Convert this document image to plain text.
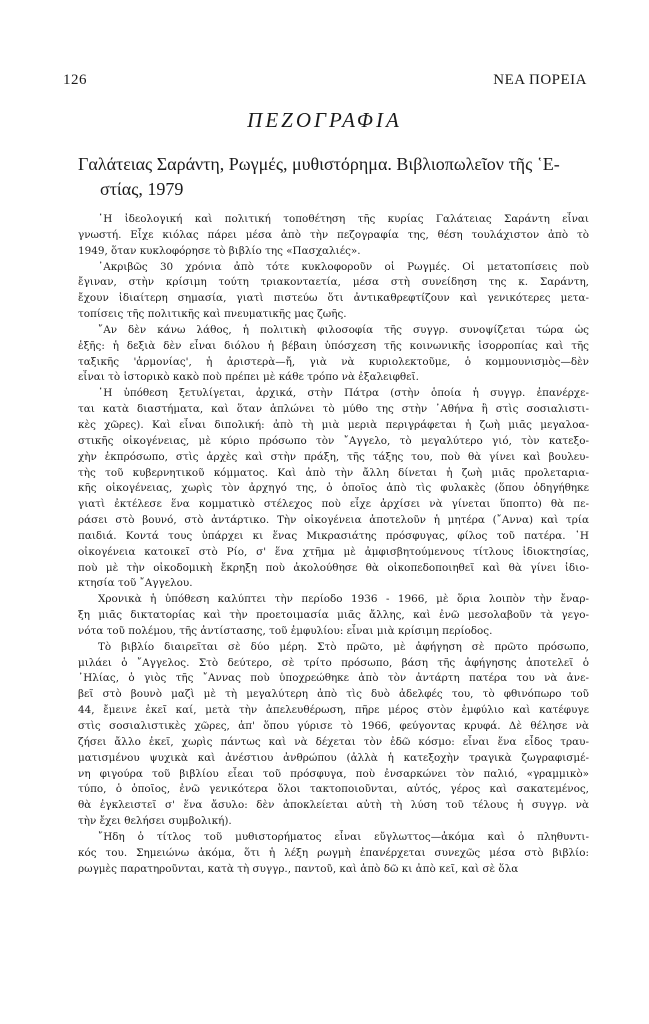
126	ΝΕΑ ΠΟΡΕΙΑ
ΠΕΖΟΓΡΑΦΙΑ

Γαλάτειας Σαράντη, Ρωγμές, μυθιστόρημα. Βιβλιοπωλεῖον τῆς ῾Ε-

στίας, 1979

῾Η ἰδεολογική καὶ πολιτική τοποθέτηση τῆς κυρίας Γαλάτειας Σαράντη εἶναι
γνωστή. Εἶχε κιόλας πάρει μέσα ἀπὸ τὴν πεζογραφία της, θέση τουλάχιστον ἀπὸ τὸ
1949, ὅταν κυκλοφόρησε τὸ βιβλίο της «Πασχαλιές».

᾿Ακριβῶς 30 χρόνια ἀπὸ τότε κυκλοφοροῦν οἱ Ρωγμές. Οἱ μετατοπίσεις ποὺ
ἔγιναν, στὴν κρίσιμη τούτη τριακονταετία, μέσα στὴ συνείδηση της κ. Σαράντη,
ἔχουν ἰδιαίτερη σημασία, γιατὶ πιστεύω ὅτι ἀντικαθρεφτίζουν καὶ γενικότερες μετα-
τοπίσεις τῆς πολιτικῆς καὶ πνευματικῆς μας ζωῆς.

῎Αν δὲν κάνω λάθος, ἡ πολιτικὴ φιλοσοφία τῆς συγγρ. συνοψίζεται τώρα ὡς
ἑξῆς: ἡ δεξιὰ δὲν εἶναι διόλου ἡ βέβαιη ὑπόσχεση τῆς κοινωνικῆς ἰσορροπίας καὶ τῆς
ταξικῆς 'ἁρμονίας', ἡ ἀριστερὰ—ἤ, γιὰ νὰ κυριολεκτοῦμε, ὁ κομμουνισμὸς—δὲν
εἶναι τὸ ἱστορικὸ κακὸ ποὺ πρέπει μὲ κάθε τρόπο νὰ ἐξαλειφθεῖ.

῾Η ὑπόθεση ξετυλίγεται, ἀρχικά, στὴν Πάτρα (στὴν ὁποία ἡ συγγρ. ἐπανέρχε-
ται κατὰ διαστήματα, καὶ ὅταν ἁπλώνει τὸ μύθο της στὴν ᾿Αθήνα ἢ στὶς σοσιαλιστι-
κὲς χῶρες). Καὶ εἶναι διπολική: ἀπὸ τὴ μιὰ μεριὰ περιγράφεται ἡ ζωὴ μιᾶς μεγαλοα-
στικῆς οἰκογένειας, μὲ κύριο πρόσωπο τὸν ῎Αγγελο, τὸ μεγαλύτερο γιό, τὸν κατεξο-
χὴν ἐκπρόσωπο, στὶς ἀρχὲς καὶ στὴν πράξη, τῆς τάξης του, ποὺ θὰ γίνει καὶ βουλευ-
τὴς τοῦ κυβερνητικοῦ κόμματος. Καὶ ἀπὸ τὴν ἄλλη δίνεται ἡ ζωὴ μιᾶς προλεταρια-
κῆς οἰκογένειας, χωρὶς τὸν ἀρχηγό της, ὁ ὁποῖος ἀπὸ τὶς φυλακὲς (ὅπου ὁδηγήθηκε
γιατὶ ἐκτέλεσε ἕνα κομματικὸ στέλεχος ποὺ εἶχε ἀρχίσει νὰ γίνεται ὕποπτο) θὰ πε-
ράσει στὸ βουνό, στὸ ἀντάρτικο. Τὴν οἰκογένεια ἀποτελοῦν ἡ μητέρα (῎Αννα) καὶ τρία
παιδιά. Κοντά τους ὑπάρχει κι ἕνας Μικρασιάτης πρόσφυγας, φίλος τοῦ πατέρα. ῾Η
οἰκογένεια κατοικεῖ στὸ Ρίο, σ' ἕνα χτῆμα μὲ ἀμφισβητούμενους τίτλους ἰδιοκτησίας,
ποὺ μὲ τὴν οἰκοδομικὴ ἔκρηξη ποὺ ἀκολούθησε θὰ οἰκοπεδοποιηθεῖ καὶ θὰ γίνει ἰδιο-
κτησία τοῦ ῎Αγγελου.

Χρονικὰ ἡ ὑπόθεση καλύπτει τὴν περίοδο 1936 - 1966, μὲ ὅρια λοιπὸν τὴν ἔναρ-
ξη μιᾶς δικτατορίας καὶ τὴν προετοιμασία μιᾶς ἄλλης, καὶ ἐνῶ μεσολαβοῦν τὰ γεγο-
νότα τοῦ πολέμου, τῆς ἀντίστασης, τοῦ ἐμφυλίου: εἶναι μιὰ κρίσιμη περίοδος.

Τὸ βιβλίο διαιρεῖται σὲ δύο μέρη. Στὸ πρῶτο, μὲ ἀφήγηση σὲ πρῶτο πρόσωπο,
μιλάει ὁ ῎Αγγελος. Στὸ δεύτερο, σὲ τρίτο πρόσωπο, βάση τῆς ἀφήγησης ἀποτελεῖ ὁ
᾿Ηλίας, ὁ γιὸς τῆς ῎Αννας ποὺ ὑποχρεώθηκε ἀπὸ τὸν ἀντάρτη πατέρα του νὰ ἀνε-
βεῖ στὸ βουνὸ μαζὶ μὲ τὴ μεγαλύτερη ἀπὸ τὶς δυὸ ἀδελφές του, τὸ φθινόπωρο τοῦ
44, ἔμεινε ἐκεῖ καί, μετὰ τὴν ἀπελευθέρωση, πῆρε μέρος στὸν ἐμφύλιο καὶ κατέφυγε
στὶς σοσιαλιστικὲς χῶρες, ἀπ' ὅπου γύρισε τὸ 1966, φεύγοντας κρυφά. Δὲ θέλησε νὰ
ζήσει ἄλλο ἐκεῖ, χωρὶς πάντως καὶ νὰ δέχεται τὸν ἐδῶ κόσμο: εἶναι ἕνα εἶδος τραυ-
ματισμένου ψυχικὰ καὶ ἀνέστιου ἀνθρώπου (ἀλλὰ ἡ κατεξοχὴν τραγικὰ ζωγραφισμέ-
νη φιγούρα τοῦ βιβλίου εἶεαι τοῦ πρόσφυγα, ποὺ ἐνσαρκώνει τὸν παλιό, «γραμμικὸ»
τύπο, ὁ ὁποῖος, ἐνῶ γενικότερα ὅλοι τακτοποιοῦνται, αὐτός, γέρος καὶ σακατεμένος,
θὰ ἐγκλειστεῖ σ' ἕνα ἄσυλο: δὲν ἀποκλείεται αὐτὴ τὴ λύση τοῦ τέλους ἡ συγγρ. νὰ
τὴν ἔχει θελήσει συμβολική).

῎Ηδη ὁ τίτλος τοῦ μυθιστορήματος εἶναι εὔγλωττος—ἀκόμα καὶ ὁ πληθυντι-
κός του. Σημειώνω ἀκόμα, ὅτι ἡ λέξη ρωγμὴ ἐπανέρχεται συνεχῶς μέσα στὸ βιβλίο:
ρωγμὲς παρατηροῦνται, κατὰ τὴ συγγρ., παντοῦ, καὶ ἀπὸ δῶ κι ἀπὸ κεῖ, καὶ σὲ ὅλα
